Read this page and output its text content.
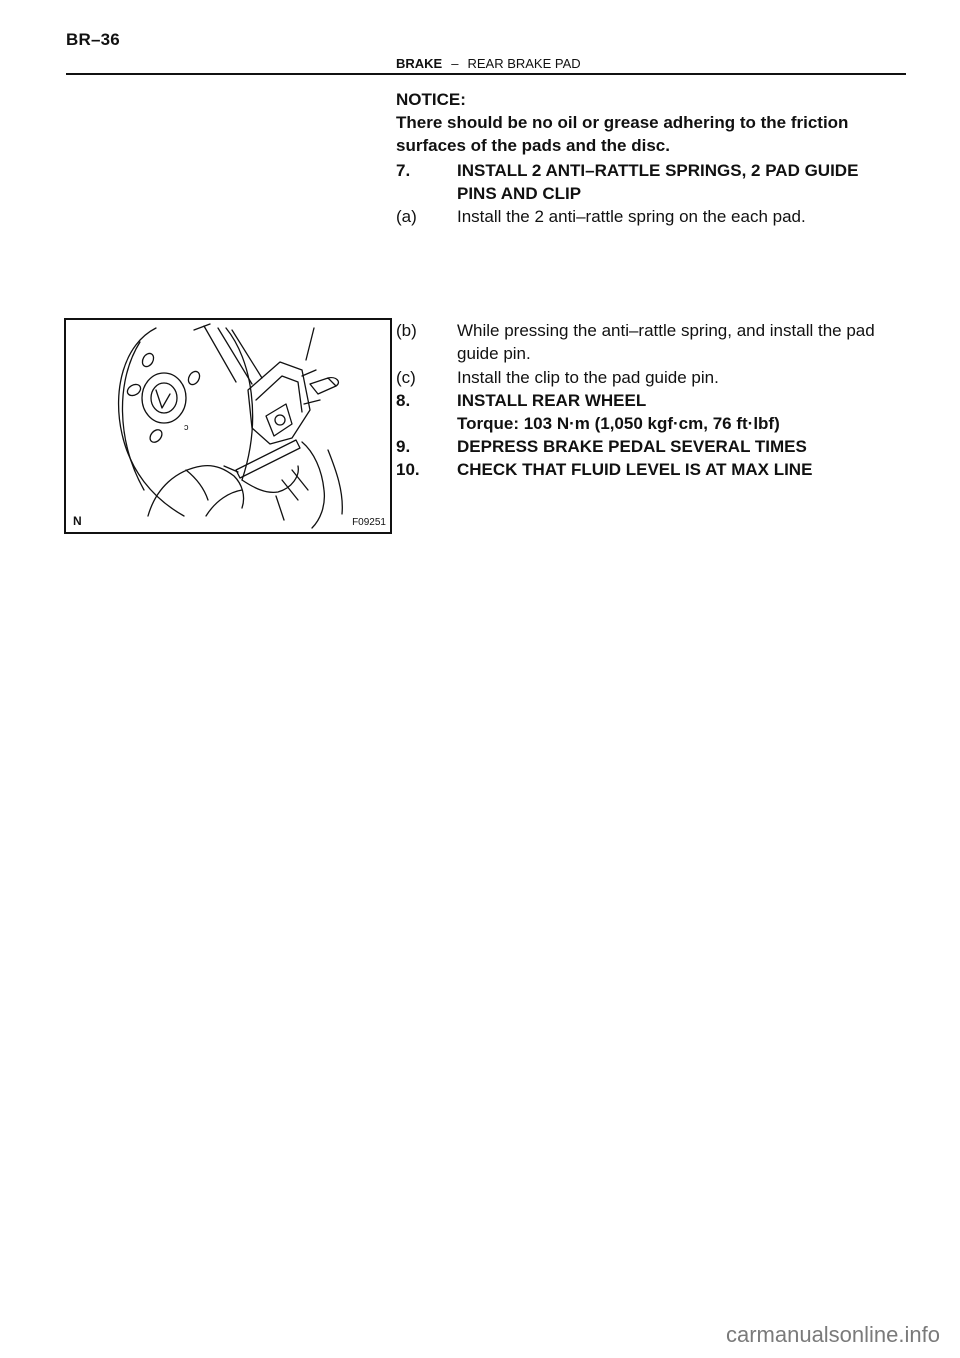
BR–36
BRAKE – REAR BRAKE PAD
NOTICE:
There should be no oil or grease adhering to the friction
surfaces of the pads and the disc.
7.	INSTALL 2 ANTI–RATTLE SPRINGS, 2 PAD GUIDE
PINS AND CLIP
(a) Install the 2 anti–rattle spring on the each pad.
(b) While pressing the anti–rattle spring, and install the pad
guide pin.
(c) Install the clip to the pad guide pin.
8.	INSTALL REAR WHEEL
Torque: 103 N·m (1,050 kgf·cm, 76 ft·lbf)
9.	DEPRESS BRAKE PEDAL SEVERAL TIMES
10. CHECK THAT FLUID LEVEL IS AT MAX LINE
ↄ
N	F09251
carmanualsonline.info
